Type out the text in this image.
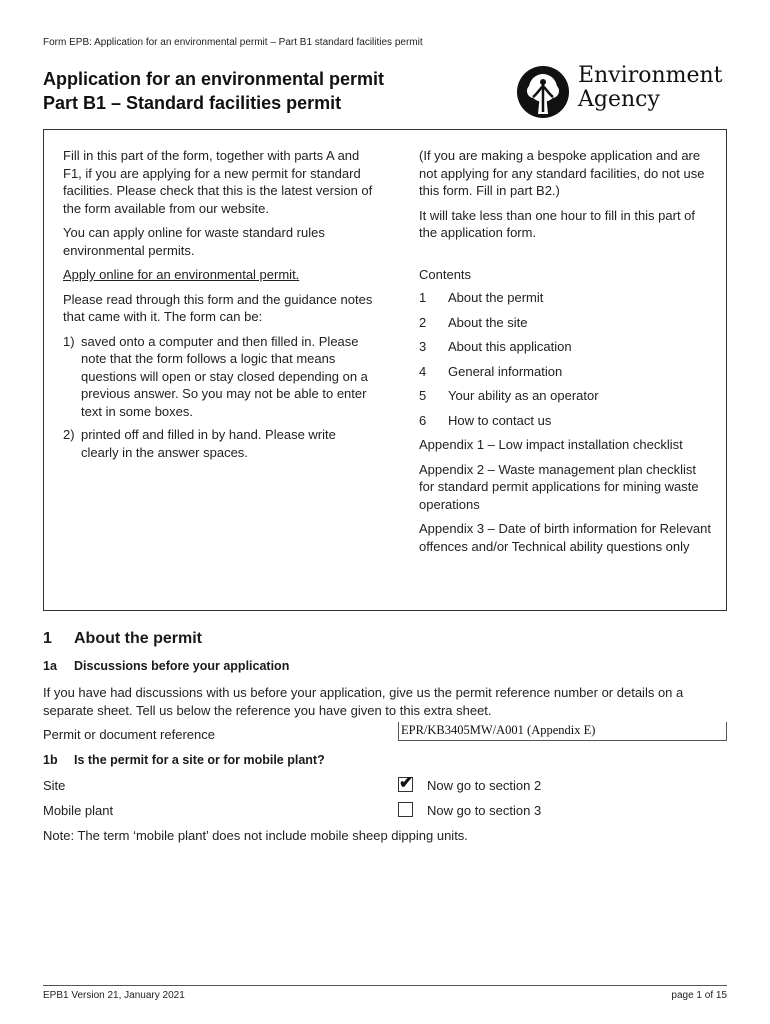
Form EPB: Application for an environmental permit – Part B1 standard facilities permit
Application for an environmental permit
Part B1 – Standard facilities permit
Environment
Agency

Fill in this part of the form, together with parts A and F1, if you are applying for a new permit for standard facilities. Please check that this is the latest version of the form available from our website.

You can apply online for waste standard rules environmental permits.

Apply online for an environmental permit.

Please read through this form and the guidance notes that came with it. The form can be:

1) saved onto a computer and then filled in. Please note that the form follows a logic that means questions will open or stay closed depending on a previous answer. So you may not be able to enter text in some boxes.
2) printed off and filled in by hand. Please write clearly in the answer spaces.

(If you are making a bespoke application and are not applying for any standard facilities, do not use this form. Fill in part B2.)

It will take less than one hour to fill in this part of the application form.

Contents
1	About the permit
2	About the site
3	About this application
4	General information
5	Your ability as an operator
6	How to contact us

Appendix 1 – Low impact installation checklist

Appendix 2 – Waste management plan checklist for standard permit applications for mining waste operations

Appendix 3 – Date of birth information for Relevant offences and/or Technical ability questions only

1 About the permit
1a Discussions before your application
If you have had discussions with us before your application, give us the permit reference number or details on a separate sheet. Tell us below the reference you have given to this extra sheet.
Permit or document reference	EPR/KB3405MW/A001 (Appendix E)
1b Is the permit for a site or for mobile plant?
Site	✔ Now go to section 2
Mobile plant	Now go to section 3
Note: The term ‘mobile plant’ does not include mobile sheep dipping units.
EPB1 Version 21, January 2021	page 1 of 15
